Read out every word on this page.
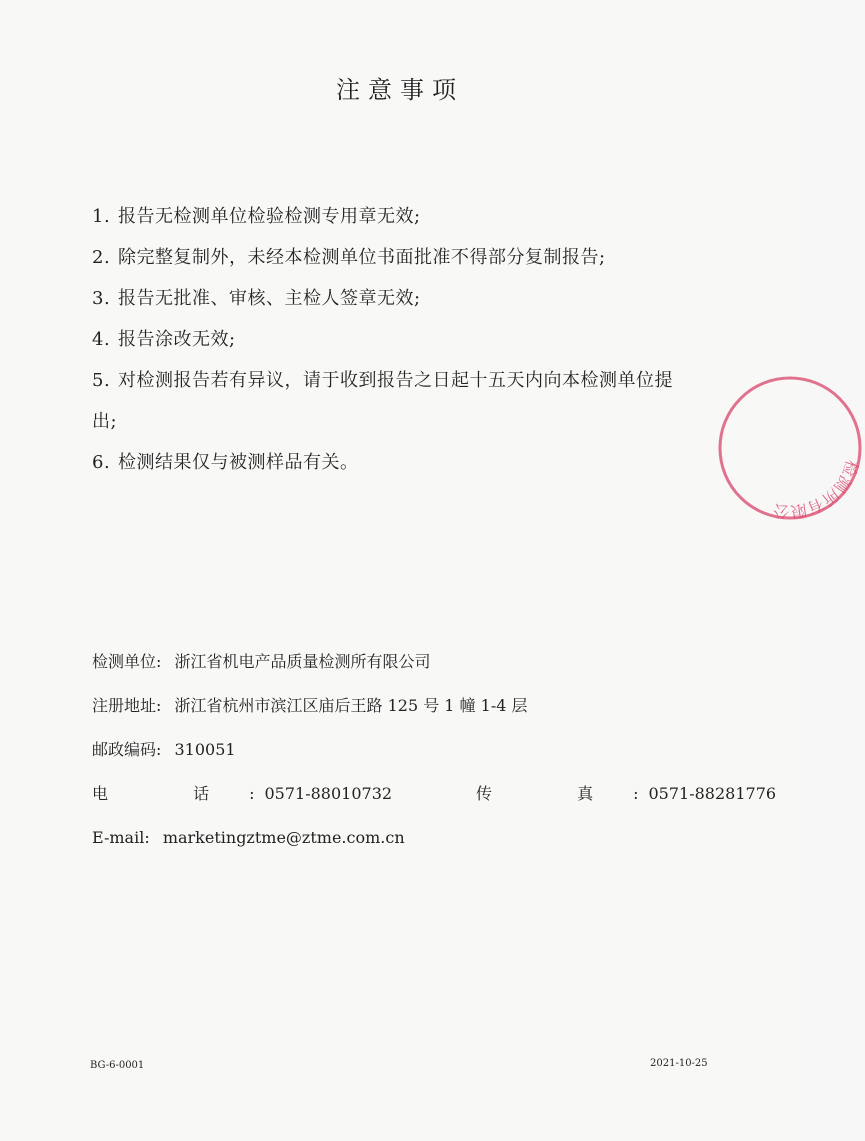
注意事项
1. 报告无检测单位检验检测专用章无效;
2. 除完整复制外，未经本检测单位书面批准不得部分复制报告;
3. 报告无批准、审核、主检人签章无效;
4. 报告涂改无效;
5. 对检测报告若有异议，请于收到报告之日起十五天内向本检测单位提
出;
6. 检测结果仅与被测样品有关。
检测单位: 浙江省机电产品质量检测所有限公司
注册地址: 浙江省杭州市滨江区庙后王路 125 号 1 幢 1-4 层
邮政编码: 310051
电 话:0571-88010732	传 真:0571-88281776
E-mail: marketingztme@ztme.com.cn
BG-6-0001	2021-10-25
检测所有限公
